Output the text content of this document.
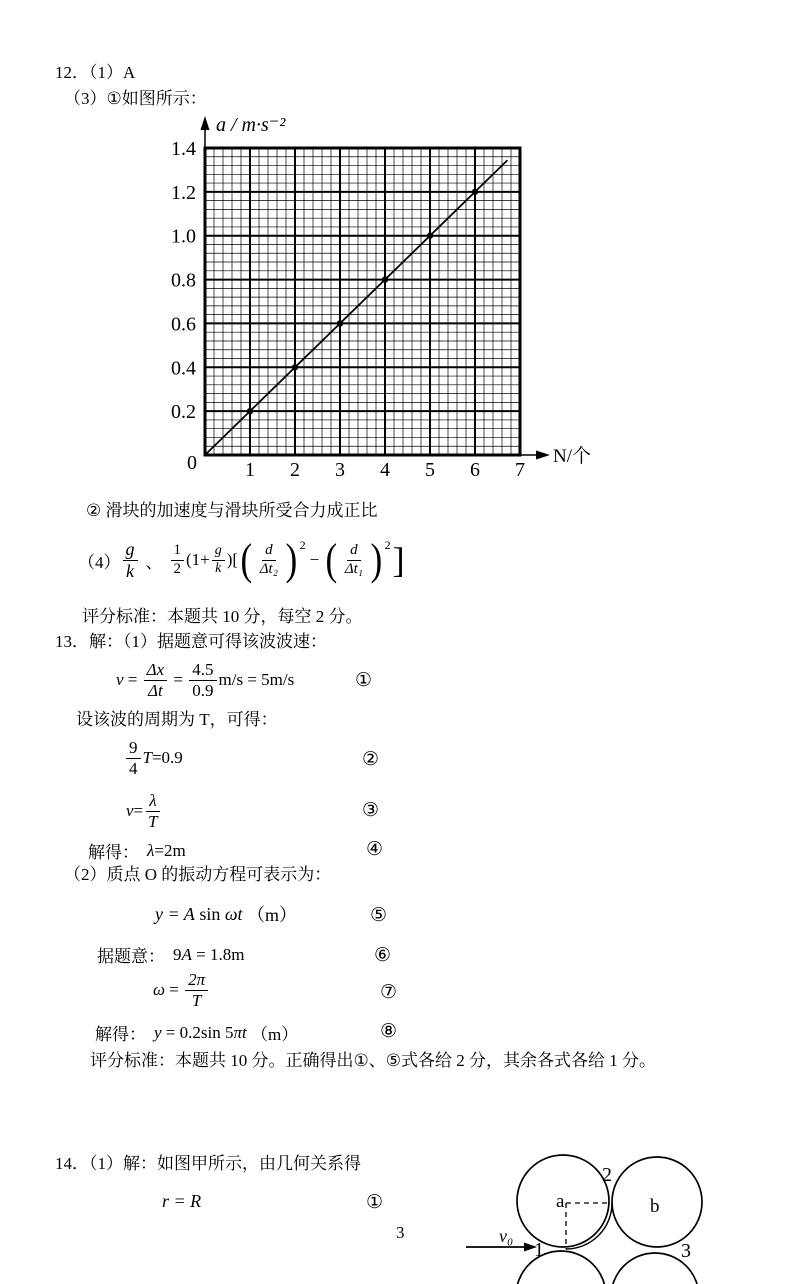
12．（1）A
（3）①如图所示：
1 2 3 4 5 6 7
0.2
0.4
0.6
0.8
1.0
1.2
1.4
0	N/个
a / m·s⁻²
② 滑块的加速度与滑块所受合力成正比
$(4) \frac{g}{k}$ 、 $\frac{1}{2} (1+ \frac{g}{k}$ )[ ( $\frac{d}{\text{Δt₂}} )^2$
− ( $\frac{d}{\text{Δt₁}} )^2$ ]
评分标准：本题共 10 分，每空 2 分。
13．解：（1）据题意可得该波波速：
$v = \frac{\Delta x}{\Delta t} = \frac{4.5}{0.9} m/s = 5m/s$	①
设该波的周期为 T，可得：
$\frac{9}{4}$ T =0.9	②
$v = \frac{\lambda}{T}$	③
解得： λ =2m	④
（2）质点 O 的振动方程可表示为：
y = A sin ωt （m）	⑤
据题意： 9 A = 1.8m	⑥
$\omega = \frac{2\pi}{T}$	⑦
解得： y = 0.2sin 5 πt （m）	⑧
评分标准：本题共 10 分。正确得出①、⑤式各给 2 分，其余各式各给 1 分。
14．（1）解：如图甲所示，由几何关系得
r = R	①
3	v₀
1
2
3
a	b
